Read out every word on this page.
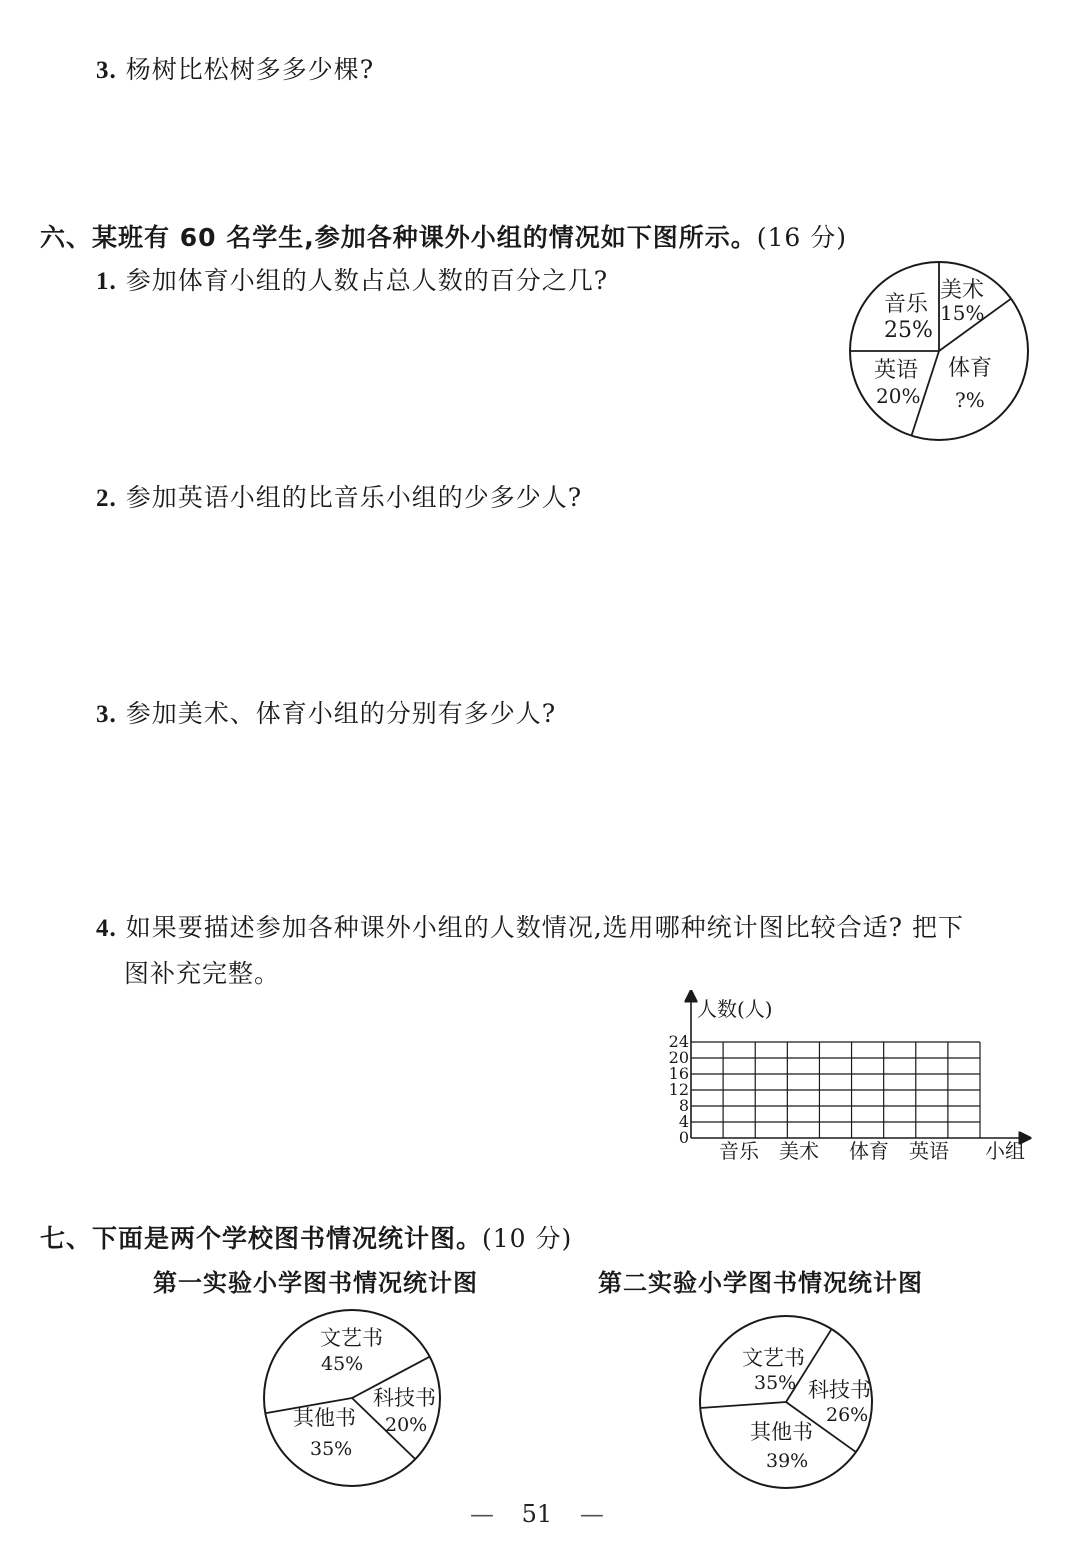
3. 杨树比松树多多少棵?
六、某班有 60 名学生,参加各种课外小组的情况如下图所示。(16 分)
1. 参加体育小组的人数占总人数的百分之几?
2. 参加英语小组的比音乐小组的少多少人?
3. 参加美术、体育小组的分别有多少人?
4. 如果要描述参加各种课外小组的人数情况,选用哪种统计图比较合适? 把下
图补充完整。
音乐
25%
美术
15%
体育
?%
英语
20%
人数(人)
0
4
8
12
16
20
24
音乐 美术 体育 英语 小组
七、下面是两个学校图书情况统计图。(10 分)
第一实验小学图书情况统计图	第二实验小学图书情况统计图
文艺书
45%
科技书
20%
其他书
35%
文艺书
35% 科技书
26%
其他书
39%
— 51 —
